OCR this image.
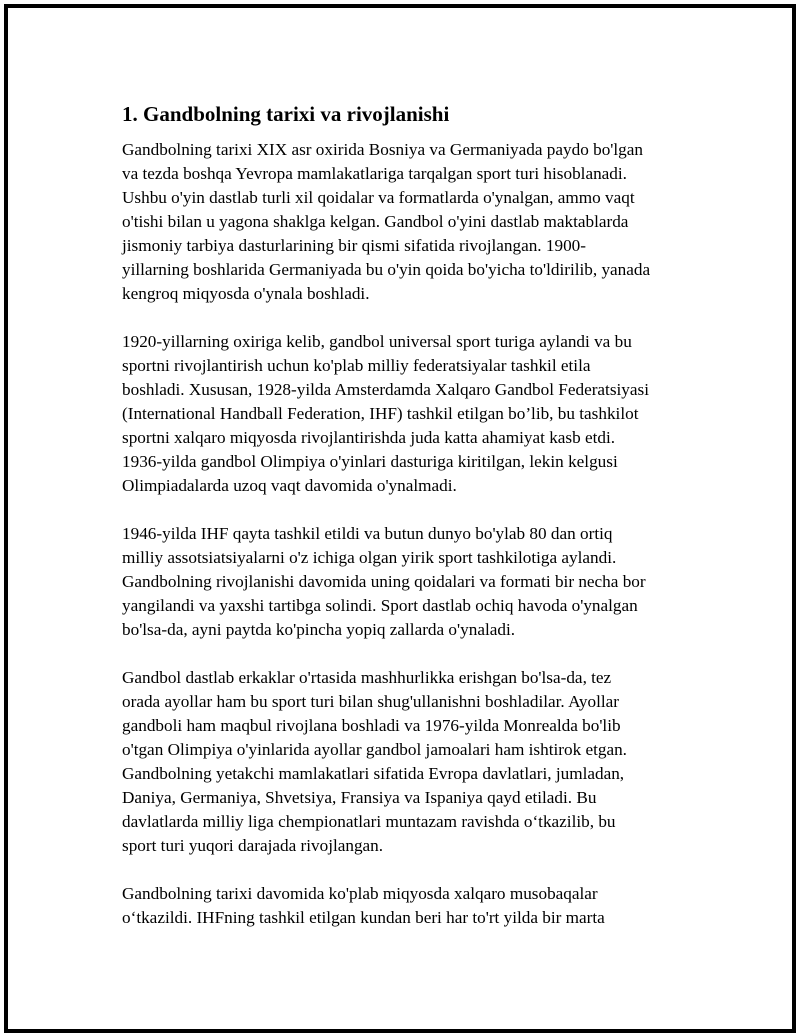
1. Gandbolning tarixi va rivojlanishi

Gandbolning tarixi XIX asr oxirida Bosniya va Germaniyada paydo bo'lgan
va tezda boshqa Yevropa mamlakatlariga tarqalgan sport turi hisoblanadi.
Ushbu o'yin dastlab turli xil qoidalar va formatlarda o'ynalgan, ammo vaqt
o'tishi bilan u yagona shaklga kelgan. Gandbol o'yini dastlab maktablarda
jismoniy tarbiya dasturlarining bir qismi sifatida rivojlangan. 1900-
yillarning boshlarida Germaniyada bu o'yin qoida bo'yicha to'ldirilib, yanada
kengroq miqyosda o'ynala boshladi.

1920-yillarning oxiriga kelib, gandbol universal sport turiga aylandi va bu
sportni rivojlantirish uchun ko'plab milliy federatsiyalar tashkil etila
boshladi. Xususan, 1928-yilda Amsterdamda Xalqaro Gandbol Federatsiyasi
(International Handball Federation, IHF) tashkil etilgan bo’lib, bu tashkilot
sportni xalqaro miqyosda rivojlantirishda juda katta ahamiyat kasb etdi.
1936-yilda gandbol Olimpiya o'yinlari dasturiga kiritilgan, lekin kelgusi
Olimpiadalarda uzoq vaqt davomida o'ynalmadi.

1946-yilda IHF qayta tashkil etildi va butun dunyo bo'ylab 80 dan ortiq
milliy assotsiatsiyalarni o'z ichiga olgan yirik sport tashkilotiga aylandi.
Gandbolning rivojlanishi davomida uning qoidalari va formati bir necha bor
yangilandi va yaxshi tartibga solindi. Sport dastlab ochiq havoda o'ynalgan
bo'lsa-da, ayni paytda ko'pincha yopiq zallarda o'ynaladi.

Gandbol dastlab erkaklar o'rtasida mashhurlikka erishgan bo'lsa-da, tez
orada ayollar ham bu sport turi bilan shug'ullanishni boshladilar. Ayollar
gandboli ham maqbul rivojlana boshladi va 1976-yilda Monrealda bo'lib
o'tgan Olimpiya o'yinlarida ayollar gandbol jamoalari ham ishtirok etgan.
Gandbolning yetakchi mamlakatlari sifatida Evropa davlatlari, jumladan,
Daniya, Germaniya, Shvetsiya, Fransiya va Ispaniya qayd etiladi. Bu
davlatlarda milliy liga chempionatlari muntazam ravishda o‘tkazilib, bu
sport turi yuqori darajada rivojlangan.

Gandbolning tarixi davomida ko'plab miqyosda xalqaro musobaqalar
o‘tkazildi. IHFning tashkil etilgan kundan beri har to'rt yilda bir marta
